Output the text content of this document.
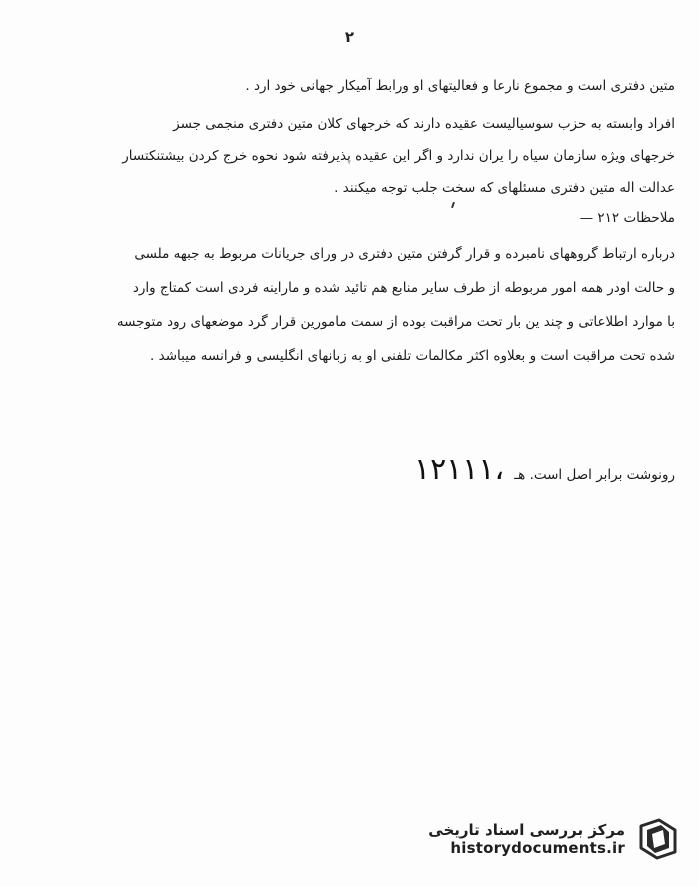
۲
متین دفتری است و مجموع نارعا و فعالیتهای او ورابط آمیکار جهانی خود ارد .
افراد وابسته به حزب سوسیالیست عقیده دارند که خرجهای کلان متین دفتری منجمی جسز
خرجهای ویژه سازمان سیاه را یران ندارد و اگر این عقیده پذیرفته شود نحوه خرج کردن بیشتنکتسار
عدالت اله متین دفتری مسئلهای که سخت جلب توجه میکنند .
ملاحظات ۲۱۲ —
درباره ارتباط گروههای نامبرده و قرار گرفتن متین دفتری در ورای جریانات مربوط به جبهه ملسی
و حالت اودر همه امور مربوطه از طرف سایر منابع هم تائید شده و ماراینه فردی است کمتاج وارد
با موارد اطلاعاتی و چند ین بار تحت مراقبت بوده از سمت مامورین قرار گرد موضعهای رود متوجسه
شده تحت مراقبت است و بعلاوه اکثر مکالمات تلفنی او به زبانهای انگلیسی و فرانسه میباشد .
رونوشت برابر اصل است. هـ
۱۲۱۱۱،
مرکز بررسی اسناد تاریخی
historydocuments.ir
